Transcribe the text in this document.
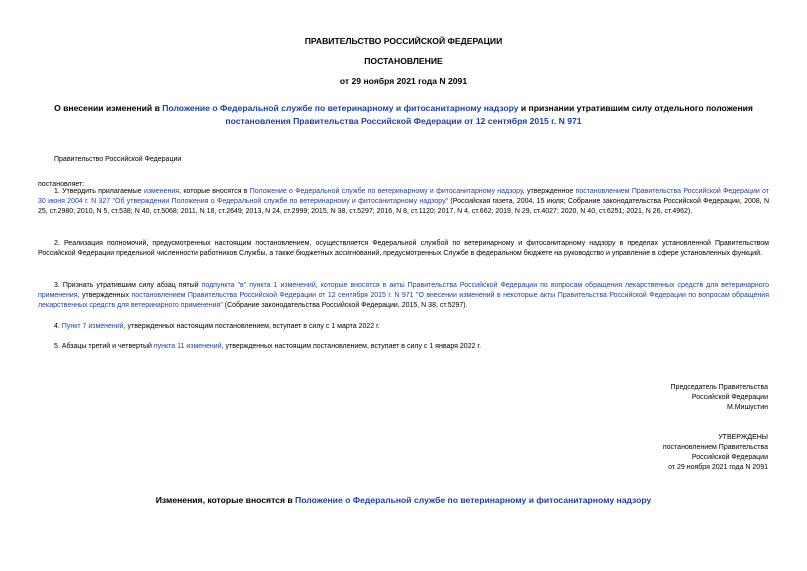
ПРАВИТЕЛЬСТВО РОССИЙСКОЙ ФЕДЕРАЦИИ
ПОСТАНОВЛЕНИЕ
от 29 ноября 2021 года N 2091

О внесении изменений в Положение о Федеральной службе по ветеринарному и фитосанитарному надзору и признании утратившим силу отдельного положения постановления Правительства Российской Федерации от 12 сентября 2015 г. N 971

Правительство Российской Федерации
постановляет:
1. Утвердить прилагаемые изменения, которые вносятся в Положение о Федеральной службе по ветеринарному и фитосанитарному надзору, утвержденное постановлением Правительства Российской Федерации от 30 июня 2004 г. N 327 "Об утверждении Положения о Федеральной службе по ветеринарному и фитосанитарному надзору" (Российская газета, 2004, 15 июля; Собрание законодательства Российской Федерации, 2008, N 25, ст.2980; 2010, N 5, ст.538; N 40, ст.5068; 2011, N 18, ст.2649; 2013, N 24, ст.2999; 2015, N 38, ст.5297; 2016, N 8, ст.1120; 2017, N 4, ст.662; 2019, N 29, ст.4027; 2020, N 40, ст.6251; 2021, N 26, ст.4962).
2. Реализация полномочий, предусмотренных настоящим постановлением, осуществляется Федеральной службой по ветеринарному и фитосанитарному надзору в пределах установленной Правительством Российской Федерации предельной численности работников Службы, а также бюджетных ассигнований, предусмотренных Службе в федеральном бюджете на руководство и управление в сфере установленных функций.
3. Признать утратившим силу абзац пятый подпункта "в" пункта 1 изменений, которые вносятся в акты Правительства Российской Федерации по вопросам обращения лекарственных средств для ветеринарного применения, утвержденных постановлением Правительства Российской Федерации от 12 сентября 2015 г. N 971 "О внесении изменений в некоторые акты Правительства Российской Федерации по вопросам обращения лекарственных средств для ветеринарного применения" (Собрание законодательства Российской Федерации, 2015, N 38, ст.5297).
4. Пункт 7 изменений, утвержденных настоящим постановлением, вступает в силу с 1 марта 2022 г.
5. Абзацы третий и четвертый пункта 11 изменений, утвержденных настоящим постановлением, вступает в силу с 1 января 2022 г.
Председатель Правительства
Российской Федерации
М.Мишустин
УТВЕРЖДЕНЫ
постановлением Правительства
Российской Федерации
от 29 ноября 2021 года N 2091
Изменения, которые вносятся в Положение о Федеральной службе по ветеринарному и фитосанитарному надзору
